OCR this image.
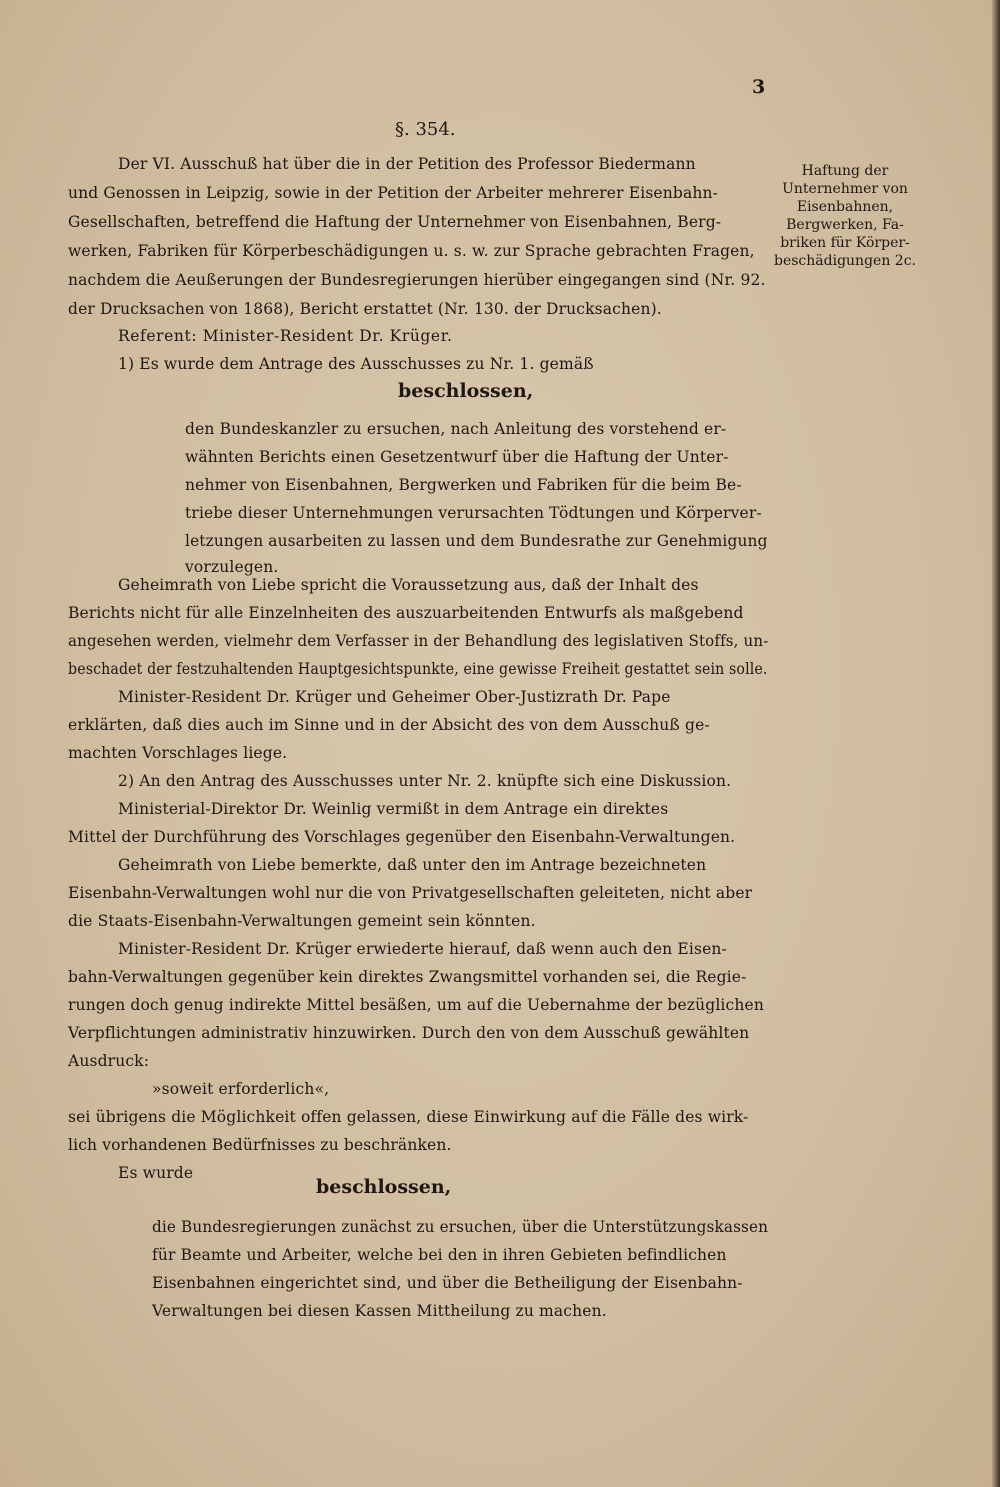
3
§. 354.
Haftung der
Unternehmer von
Eisenbahnen,
Bergwerken, Fa-
briken für Körper-
beschädigungen 2c.
Der VI. Ausschuß hat über die in der Petition des Professor Biedermann
und Genossen in Leipzig, sowie in der Petition der Arbeiter mehrerer Eisenbahn-
Gesellschaften, betreffend die Haftung der Unternehmer von Eisenbahnen, Berg-
werken, Fabriken für Körperbeschädigungen u. s. w. zur Sprache gebrachten Fragen,
nachdem die Aeußerungen der Bundesregierungen hierüber eingegangen sind (Nr. 92.
der Drucksachen von 1868), Bericht erstattet (Nr. 130. der Drucksachen).
Referent: Minister-Resident Dr. Krüger.
1) Es wurde dem Antrage des Ausschusses zu Nr. 1. gemäß
beschlossen,
den Bundeskanzler zu ersuchen, nach Anleitung des vorstehend er-
wähnten Berichts einen Gesetzentwurf über die Haftung der Unter-
nehmer von Eisenbahnen, Bergwerken und Fabriken für die beim Be-
triebe dieser Unternehmungen verursachten Tödtungen und Körperver-
letzungen ausarbeiten zu lassen und dem Bundesrathe zur Genehmigung
vorzulegen.
Geheimrath von Liebe spricht die Voraussetzung aus, daß der Inhalt des
Berichts nicht für alle Einzelnheiten des auszuarbeitenden Entwurfs als maßgebend
angesehen werden, vielmehr dem Verfasser in der Behandlung des legislativen Stoffs, un-
beschadet der festzuhaltenden Hauptgesichtspunkte, eine gewisse Freiheit gestattet sein solle.
Minister-Resident Dr. Krüger und Geheimer Ober-Justizrath Dr. Pape
erklärten, daß dies auch im Sinne und in der Absicht des von dem Ausschuß ge-
machten Vorschlages liege.
2) An den Antrag des Ausschusses unter Nr. 2. knüpfte sich eine Diskussion.
Ministerial-Direktor Dr. Weinlig vermißt in dem Antrage ein direktes
Mittel der Durchführung des Vorschlages gegenüber den Eisenbahn-Verwaltungen.
Geheimrath von Liebe bemerkte, daß unter den im Antrage bezeichneten
Eisenbahn-Verwaltungen wohl nur die von Privatgesellschaften geleiteten, nicht aber
die Staats-Eisenbahn-Verwaltungen gemeint sein könnten.
Minister-Resident Dr. Krüger erwiederte hierauf, daß wenn auch den Eisen-
bahn-Verwaltungen gegenüber kein direktes Zwangsmittel vorhanden sei, die Regie-
rungen doch genug indirekte Mittel besäßen, um auf die Uebernahme der bezüglichen
Verpflichtungen administrativ hinzuwirken. Durch den von dem Ausschuß gewählten
Ausdruck:
»soweit erforderlich«,
sei übrigens die Möglichkeit offen gelassen, diese Einwirkung auf die Fälle des wirk-
lich vorhandenen Bedürfnisses zu beschränken.
Es wurde
beschlossen,
die Bundesregierungen zunächst zu ersuchen, über die Unterstützungskassen
für Beamte und Arbeiter, welche bei den in ihren Gebieten befindlichen
Eisenbahnen eingerichtet sind, und über die Betheiligung der Eisenbahn-
Verwaltungen bei diesen Kassen Mittheilung zu machen.
